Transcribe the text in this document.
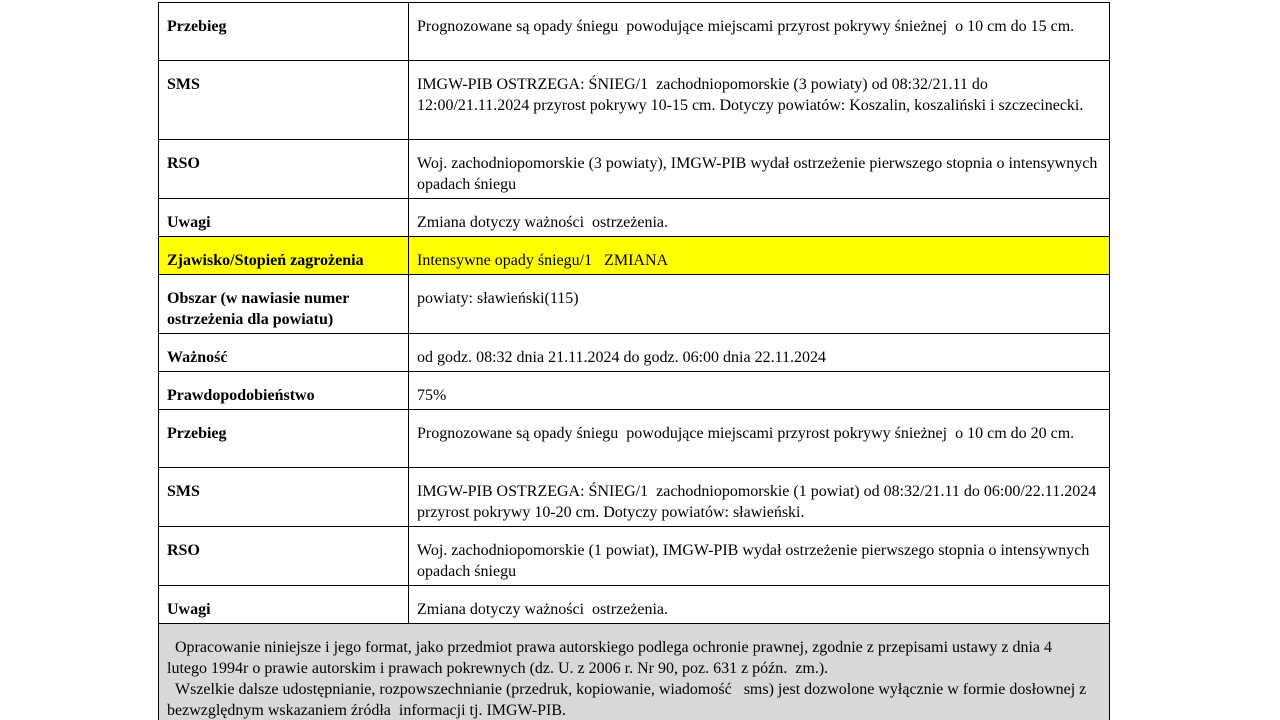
Przebieg	Prognozowane są opady śniegu  powodujące miejscami przyrost pokrywy śnieżnej  o 10 cm do 15 cm.
SMS	IMGW-PIB OSTRZEGA: ŚNIEG/1  zachodniopomorskie (3 powiaty) od 08:32/21.11 do 12:00/21.11.2024 przyrost pokrywy 10-15 cm. Dotyczy powiatów: Koszalin, koszaliński i szczecinecki.
RSO	Woj. zachodniopomorskie (3 powiaty), IMGW-PIB wydał ostrzeżenie pierwszego stopnia o intensywnych opadach śniegu
Uwagi	Zmiana dotyczy ważności  ostrzeżenia.
Zjawisko/Stopień zagrożenia	Intensywne opady śniegu/1   ZMIANA
Obszar (w nawiasie numer ostrzeżenia dla powiatu)	powiaty: sławieński(115)
Ważność	od godz. 08:32 dnia 21.11.2024 do godz. 06:00 dnia 22.11.2024
Prawdopodobieństwo	75%
Przebieg	Prognozowane są opady śniegu  powodujące miejscami przyrost pokrywy śnieżnej  o 10 cm do 20 cm.
SMS	IMGW-PIB OSTRZEGA: ŚNIEG/1  zachodniopomorskie (1 powiat) od 08:32/21.11 do 06:00/22.11.2024 przyrost pokrywy 10-20 cm. Dotyczy powiatów: sławieński.
RSO	Woj. zachodniopomorskie (1 powiat), IMGW-PIB wydał ostrzeżenie pierwszego stopnia o intensywnych opadach śniegu
Uwagi	Zmiana dotyczy ważności  ostrzeżenia.

Opracowanie niniejsze i jego format, jako przedmiot prawa autorskiego podlega ochronie prawnej, zgodnie z przepisami ustawy z dnia 4 lutego 1994r o prawie autorskim i prawach pokrewnych (dz. U. z 2006 r. Nr 90, poz. 631 z późn.  zm.).
Wszelkie dalsze udostępnianie, rozpowszechnianie (przedruk, kopiowanie, wiadomość   sms) jest dozwolone wyłącznie w formie dosłownej z bezwzględnym wskazaniem źródła  informacji tj. IMGW-PIB.	
